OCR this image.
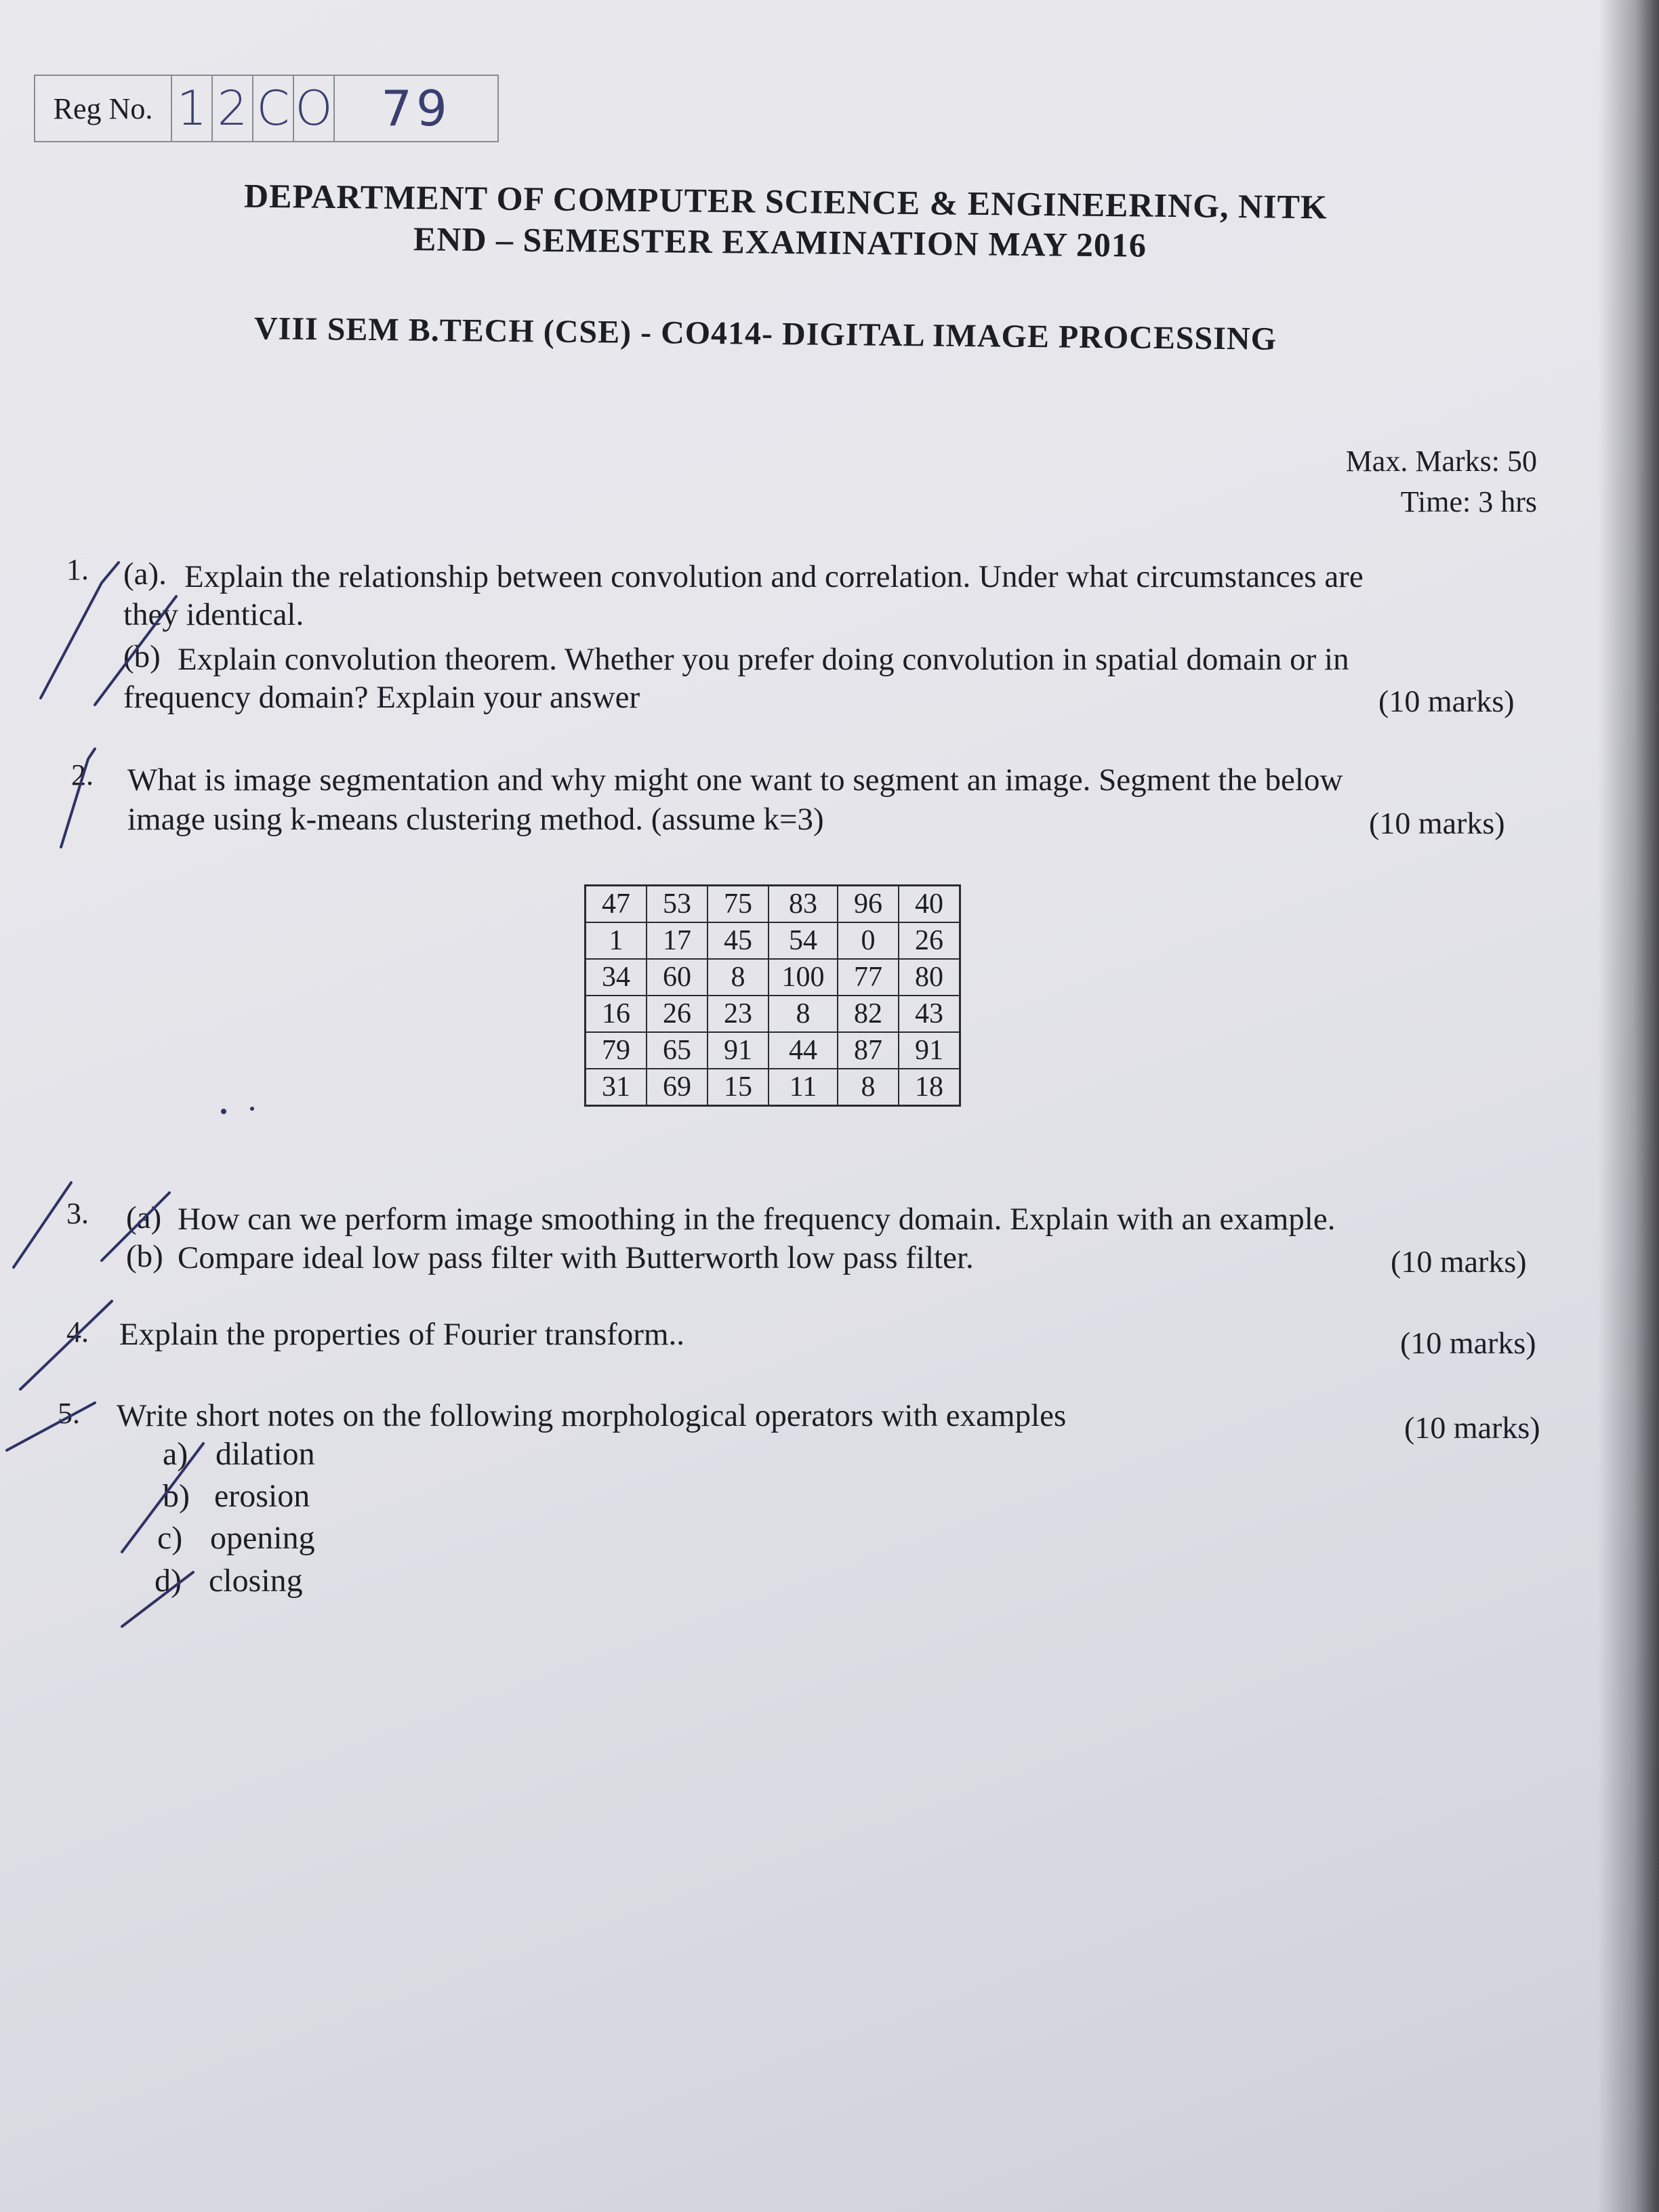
Reg No. 1 2 C O 79
DEPARTMENT OF COMPUTER SCIENCE & ENGINEERING, NITK
END – SEMESTER EXAMINATION MAY 2016
VIII SEM B.TECH (CSE) - CO414- DIGITAL IMAGE PROCESSING
Max. Marks: 50
Time: 3 hrs
1. (a). Explain the relationship between convolution and correlation. Under what circumstances are
they identical.
(b) Explain convolution theorem. Whether you prefer doing convolution in spatial domain or in
frequency domain? Explain your answer	(10 marks)
2. What is image segmentation and why might one want to segment an image. Segment the below
image using k-means clustering method. (assume k=3)	(10 marks)
47	53	75	83	96	40
1	17	45	54	0	26
34	60	8	100	77	80
16	26	23	8	82	43
79	65	91	44	87	91
31	69	15	11	8	18
3. (a) How can we perform image smoothing in the frequency domain. Explain with an example.
(b) Compare ideal low pass filter with Butterworth low pass filter.	(10 marks)
4. Explain the properties of Fourier transform..	(10 marks)
5. Write short notes on the following morphological operators with examples	(10 marks)
a) dilation
b) erosion
c) opening
d) closing
